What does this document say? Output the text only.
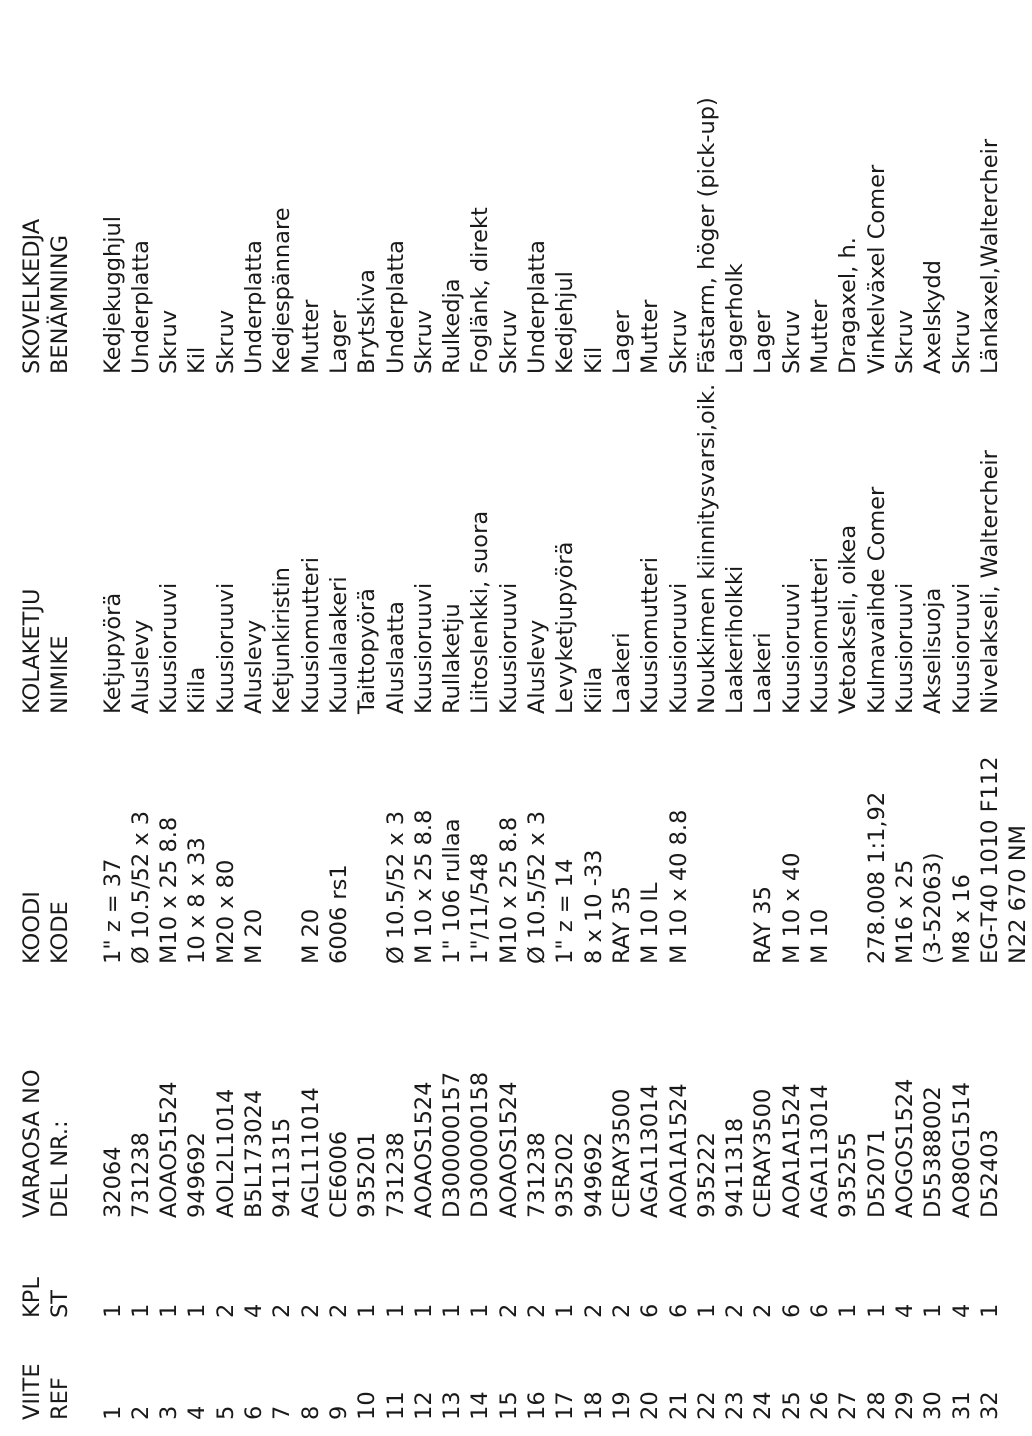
VIITE REF 1 2 3 4 5 6 7 8 9 10 11 12 13 14 15 16 17 18 19 20 21 22 23 24 25 26 27 28 29 30 31 32
KPL ST 1 1 1 1 2 4 2 2 2 1 1 1 1 1 2 2 1 2 2 6 6 1 2 2 6 6 1 1 4 1 4 1
VARAOSA NO DEL NR.: 32064 731238 AOAO51524 949692 AOL2L1014 B5L173024 9411315 AGL111014 CE6006 935201 731238 AOAOS1524 D300000157 D300000158 AOAOS1524 731238 935202 949692 CERAY3500 AGA113014 AOA1A1524 935222 9411318 CERAY3500 AOA1A1524 AGA113014 935255 D52071 AOGOS1524 D55388002 AO80G1514 D52403
KOODI KODE 1" z = 37 Ø 10.5/52 x 3 M10 x 25 8.8 10 x 8 x 33 M20 x 80 M 20 M 20 6006 rs1 Ø 10.5/52 x 3 M 10 x 25 8.8 1" 106 rullaa 1"/11/548 M10 x 25 8.8 Ø 10.5/52 x 3 1" z = 14 8 x 10 -33 RAY 35 M 10 IL M 10 x 40 8.8	RAY 35 M 10 x 40 M 10 278.008 1:1,92 M16 x 25 (3-52063) M8 x 16 EG-T40 1010 F112
N22 670 NM
KOLAKETJU NIMIKE Ketjupyörä Aluslevy Kuusioruuvi Kiila Kuusioruuvi Aluslevy Ketjunkiristin Kuusiomutteri Kuulalaakeri Taittopyörä Aluslaatta Kuusioruuvi Rullaketju Liitoslenkki, suora Kuusioruuvi Aluslevy Levyketjupyörä Kiila Laakeri Kuusiomutteri Kuusioruuvi Noukkimen kiinnitysvarsi,oik. Laakeriholkki Laakeri Kuusioruuvi Kuusiomutteri Vetoakseli, oikea Kulmavaihde Comer Kuusioruuvi Akselisuoja Kuusioruuvi Nivelakseli, Waltercheir
SKOVELKEDJA BENÄMNING Kedjekugghjul Underplatta Skruv Kil Skruv Underplatta Kedjespännare Mutter Lager Brytskiva Underplatta Skruv Rulkedja Foglänk, direkt Skruv Underplatta Kedjehjul Kil Lager Mutter Skruv Fästarm, höger (pick-up) Lagerholk Lager Skruv Mutter Dragaxel, h. Vinkelväxel Comer Skruv Axelskydd Skruv Länkaxel,Waltercheir
